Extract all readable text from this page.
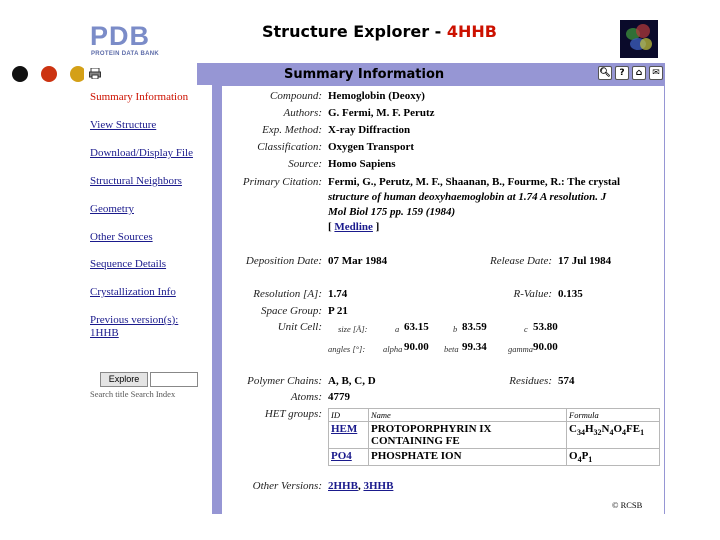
PDB
PROTEIN DATA BANK
Structure Explorer - 4HHB
Summary Information	🔍︎ ?	⌂	✉
Summary Information
View Structure
Download/Display File
Structural Neighbors
Geometry
Other Sources
Sequence Details
Crystallization Info
Previous version(s):
1HHB
Explore
Search title Search Index
Compound: Hemoglobin (Deoxy)
Authors: G. Fermi, M. F. Perutz
Exp. Method: X-ray Diffraction
Classification: Oxygen Transport
Source: Homo Sapiens
Primary Citation: Fermi, G., Perutz, M. F., Shaanan, B., Fourme, R.: The crystal
structure of human deoxyhaemoglobin at 1.74 A resolution. J
Mol Biol 175 pp. 159 (1984)
[ Medline ]
Deposition Date: 07 Mar 1984	Release Date: 17 Jul 1984
Resolution [A]: 1.74	R-Value: 0.135
Space Group: P 21
Unit Cell: size [Å]:	a 63.15	b 83.59	c 53.80
angles [°]: alpha 90.00 beta 99.34	gamma 90.00
Polymer Chains: A, B, C, D	Residues: 574
Atoms: 4779
HET groups: ID	Name	Formula
HEM	PROTOPORPHYRIN IX
CONTAINING FE	$C_{34}H_{32}N_4O_4FE_1$
PO4	PHOSPHATE ION	$O_4P_1$
Other Versions: 2HHB, 3HHB
© RCSB
